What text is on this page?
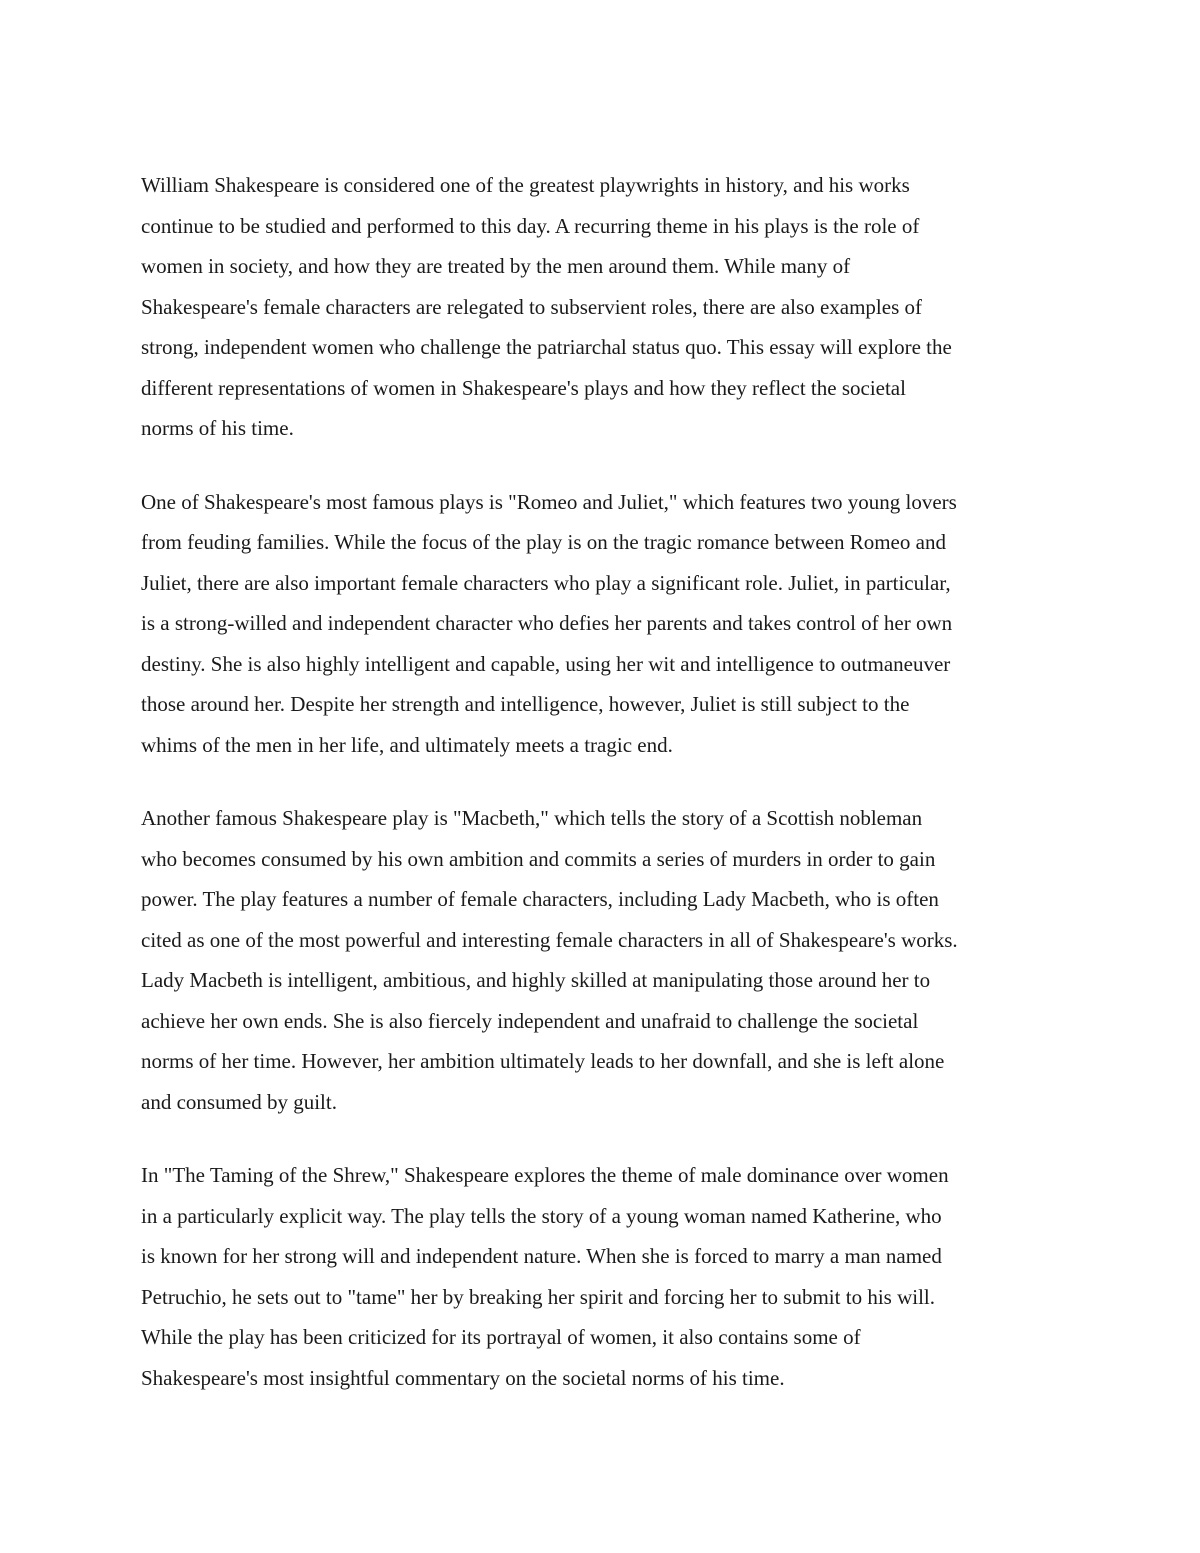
William Shakespeare is considered one of the greatest playwrights in history, and his works
continue to be studied and performed to this day. A recurring theme in his plays is the role of
women in society, and how they are treated by the men around them. While many of
Shakespeare's female characters are relegated to subservient roles, there are also examples of
strong, independent women who challenge the patriarchal status quo. This essay will explore the
different representations of women in Shakespeare's plays and how they reflect the societal
norms of his time.

One of Shakespeare's most famous plays is "Romeo and Juliet," which features two young lovers
from feuding families. While the focus of the play is on the tragic romance between Romeo and
Juliet, there are also important female characters who play a significant role. Juliet, in particular,
is a strong-willed and independent character who defies her parents and takes control of her own
destiny. She is also highly intelligent and capable, using her wit and intelligence to outmaneuver
those around her. Despite her strength and intelligence, however, Juliet is still subject to the
whims of the men in her life, and ultimately meets a tragic end.

Another famous Shakespeare play is "Macbeth," which tells the story of a Scottish nobleman
who becomes consumed by his own ambition and commits a series of murders in order to gain
power. The play features a number of female characters, including Lady Macbeth, who is often
cited as one of the most powerful and interesting female characters in all of Shakespeare's works.
Lady Macbeth is intelligent, ambitious, and highly skilled at manipulating those around her to
achieve her own ends. She is also fiercely independent and unafraid to challenge the societal
norms of her time. However, her ambition ultimately leads to her downfall, and she is left alone
and consumed by guilt.

In "The Taming of the Shrew," Shakespeare explores the theme of male dominance over women
in a particularly explicit way. The play tells the story of a young woman named Katherine, who
is known for her strong will and independent nature. When she is forced to marry a man named
Petruchio, he sets out to "tame" her by breaking her spirit and forcing her to submit to his will.
While the play has been criticized for its portrayal of women, it also contains some of
Shakespeare's most insightful commentary on the societal norms of his time.
